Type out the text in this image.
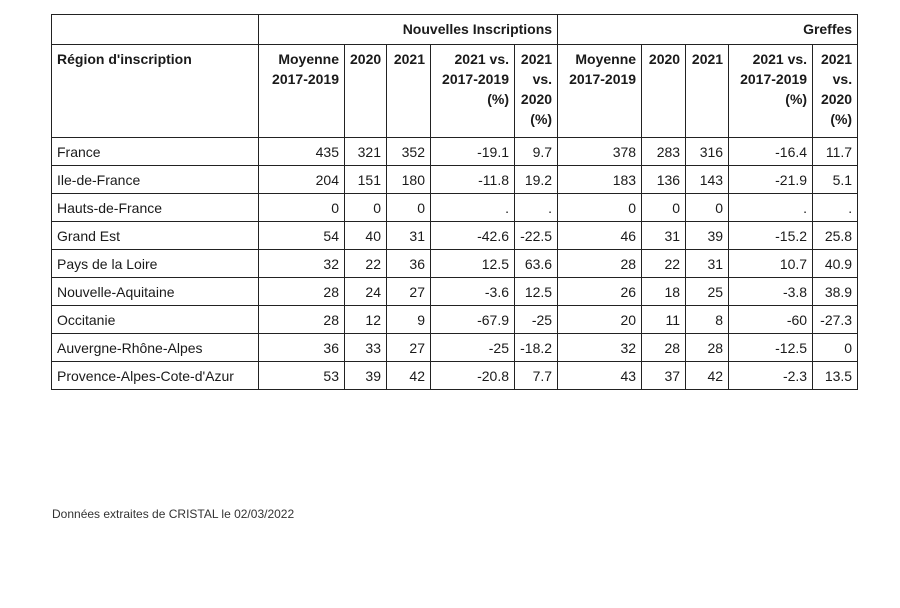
	Nouvelles Inscriptions					Greffes				
Région d'inscription	Moyenne 2017-2019	2020	2021	2021 vs. 2017-2019 (%)	2021 vs. 2020 (%)	Moyenne 2017-2019	2020	2021	2021 vs. 2017-2019 (%)	2021 vs. 2020 (%)
France	435	321	352	-19.1	9.7	378	283	316	-16.4	11.7
Ile-de-France	204	151	180	-11.8	19.2	183	136	143	-21.9	5.1
Hauts-de-France	0	0	0	.	.	0	0	0	.	.
Grand Est	54	40	31	-42.6	-22.5	46	31	39	-15.2	25.8
Pays de la Loire	32	22	36	12.5	63.6	28	22	31	10.7	40.9
Nouvelle-Aquitaine	28	24	27	-3.6	12.5	26	18	25	-3.8	38.9
Occitanie	28	12	9	-67.9	-25	20	11	8	-60	-27.3
Auvergne-Rhône-Alpes	36	33	27	-25	-18.2	32	28	28	-12.5	0
Provence-Alpes-Cote-d'Azur	53	39	42	-20.8	7.7	43	37	42	-2.3	13.5
Données extraites de CRISTAL le 02/03/2022
